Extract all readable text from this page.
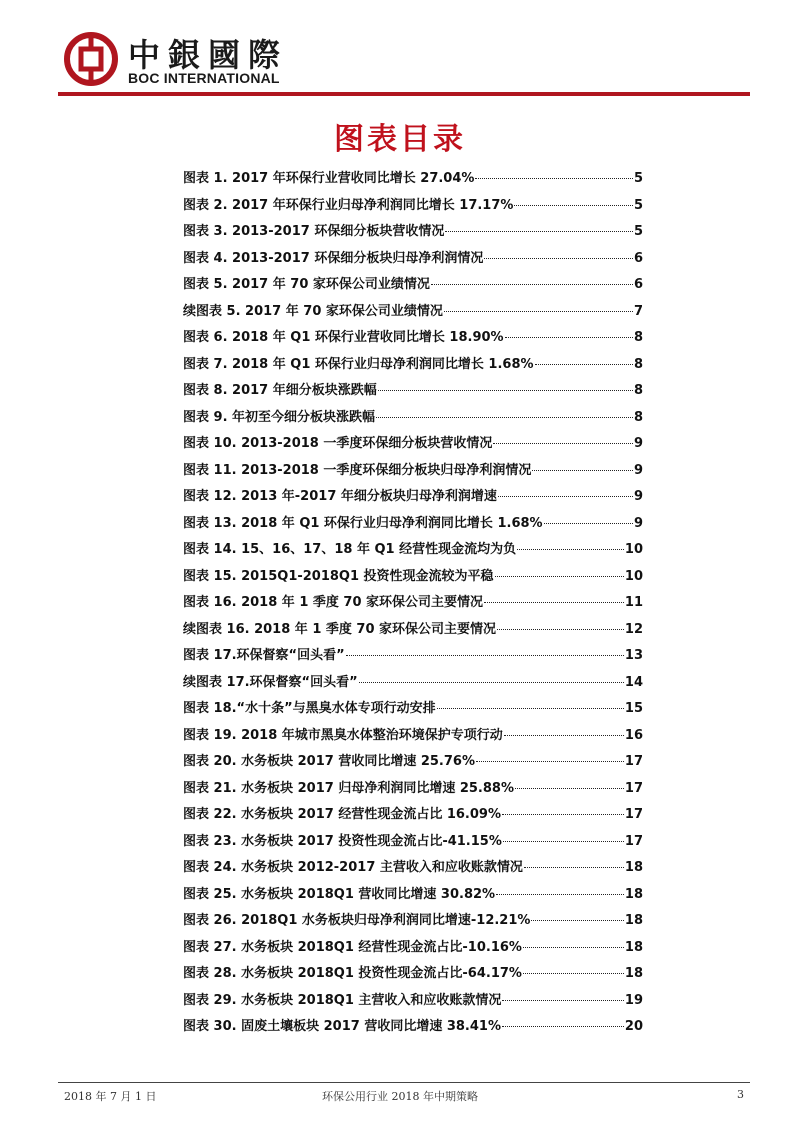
中銀國際
BOC INTERNATIONAL
图表目录
图表 1. 2017 年环保行业营收同比增长 27.04%	5
图表 2. 2017 年环保行业归母净利润同比增长 17.17%	5
图表 3. 2013-2017 环保细分板块营收情况	5
图表 4. 2013-2017 环保细分板块归母净利润情况	6
图表 5. 2017 年 70 家环保公司业绩情况	6
续图表 5. 2017 年 70 家环保公司业绩情况	7
图表 6. 2018 年 Q1 环保行业营收同比增长 18.90%	8
图表 7. 2018 年 Q1 环保行业归母净利润同比增长 1.68%	8
图表 8. 2017 年细分板块涨跌幅	8
图表 9. 年初至今细分板块涨跌幅	8
图表 10. 2013-2018 一季度环保细分板块营收情况	9
图表 11. 2013-2018 一季度环保细分板块归母净利润情况	9
图表 12. 2013 年-2017 年细分板块归母净利润增速	9
图表 13. 2018 年 Q1 环保行业归母净利润同比增长 1.68%	9
图表 14. 15、16、17、18 年 Q1 经营性现金流均为负	10
图表 15. 2015Q1-2018Q1 投资性现金流较为平稳	10
图表 16. 2018 年 1 季度 70 家环保公司主要情况	11
续图表 16. 2018 年 1 季度 70 家环保公司主要情况	12
图表 17.环保督察“回头看”	13
续图表 17.环保督察“回头看”	14
图表 18.“水十条”与黑臭水体专项行动安排	15
图表 19. 2018 年城市黑臭水体整治环境保护专项行动	16
图表 20. 水务板块 2017 营收同比增速 25.76%	17
图表 21. 水务板块 2017 归母净利润同比增速 25.88%	17
图表 22. 水务板块 2017 经营性现金流占比 16.09%	17
图表 23. 水务板块 2017 投资性现金流占比-41.15%	17
图表 24. 水务板块 2012-2017 主营收入和应收账款情况	18
图表 25. 水务板块 2018Q1 营收同比增速 30.82%	18
图表 26. 2018Q1 水务板块归母净利润同比增速-12.21%	18
图表 27. 水务板块 2018Q1 经营性现金流占比-10.16%	18
图表 28. 水务板块 2018Q1 投资性现金流占比-64.17%	18
图表 29. 水务板块 2018Q1 主营收入和应收账款情况	19
图表 30. 固废土壤板块 2017 营收同比增速 38.41%	20
2018 年 7 月 1 日	环保公用行业 2018 年中期策略	3
